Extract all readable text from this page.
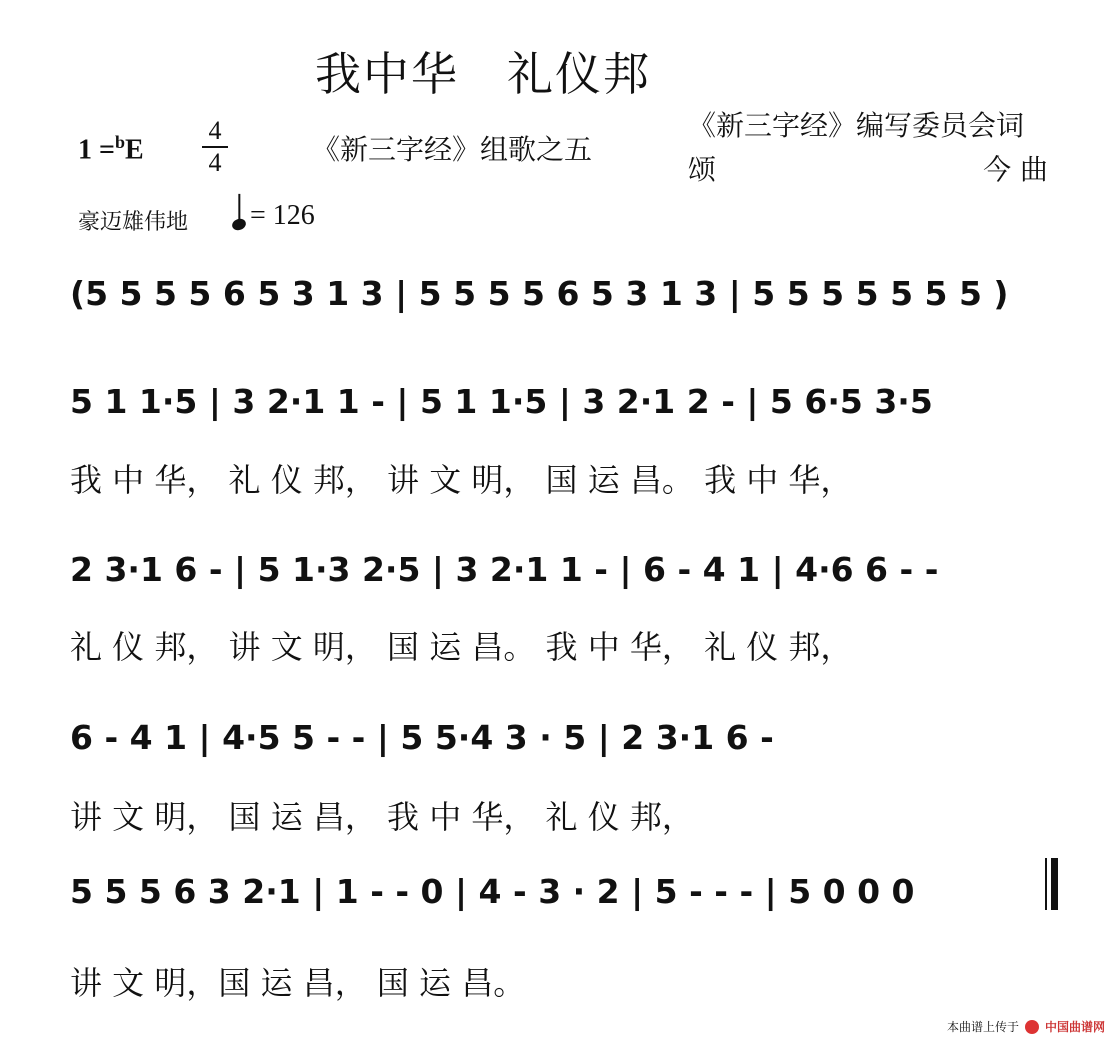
我中华　礼仪邦
1 =$^b$E
4
4	《新三字经》组歌之五
《新三字经》编写委员会词
颂	今 曲
豪迈雄伟地	= 126
(5 5 5 5 6 5 3 1 3 | 5 5 5 5 6 5 3 1 3 | 5 5 5 5 5 5 5 )
5 1 1·5 | 3 2·1 1 - | 5 1 1·5 | 3 2·1 2 - | 5 6·5 3·5
我 中 华， 礼 仪 邦， 讲 文 明， 国 运 昌。 我 中 华，
2 3·1 6 - | 5 1·3 2·5 | 3 2·1 1 - | 6 - 4 1 | 4·6 6 - -
礼 仪 邦， 讲 文 明， 国 运 昌。 我 中 华， 礼 仪 邦，
6 - 4 1 | 4·5 5 - - | 5 5·4 3 · 5 | 2 3·1 6 -
讲 文 明， 国 运 昌， 我 中 华， 礼 仪 邦，
5 5 5 6 3 2·1 | 1 - - 0 | 4 - 3 · 2 | 5 - - - | 5 0 0 0
讲 文 明，国 运 昌， 国 运 昌。
本曲谱上传于 中国曲谱网
